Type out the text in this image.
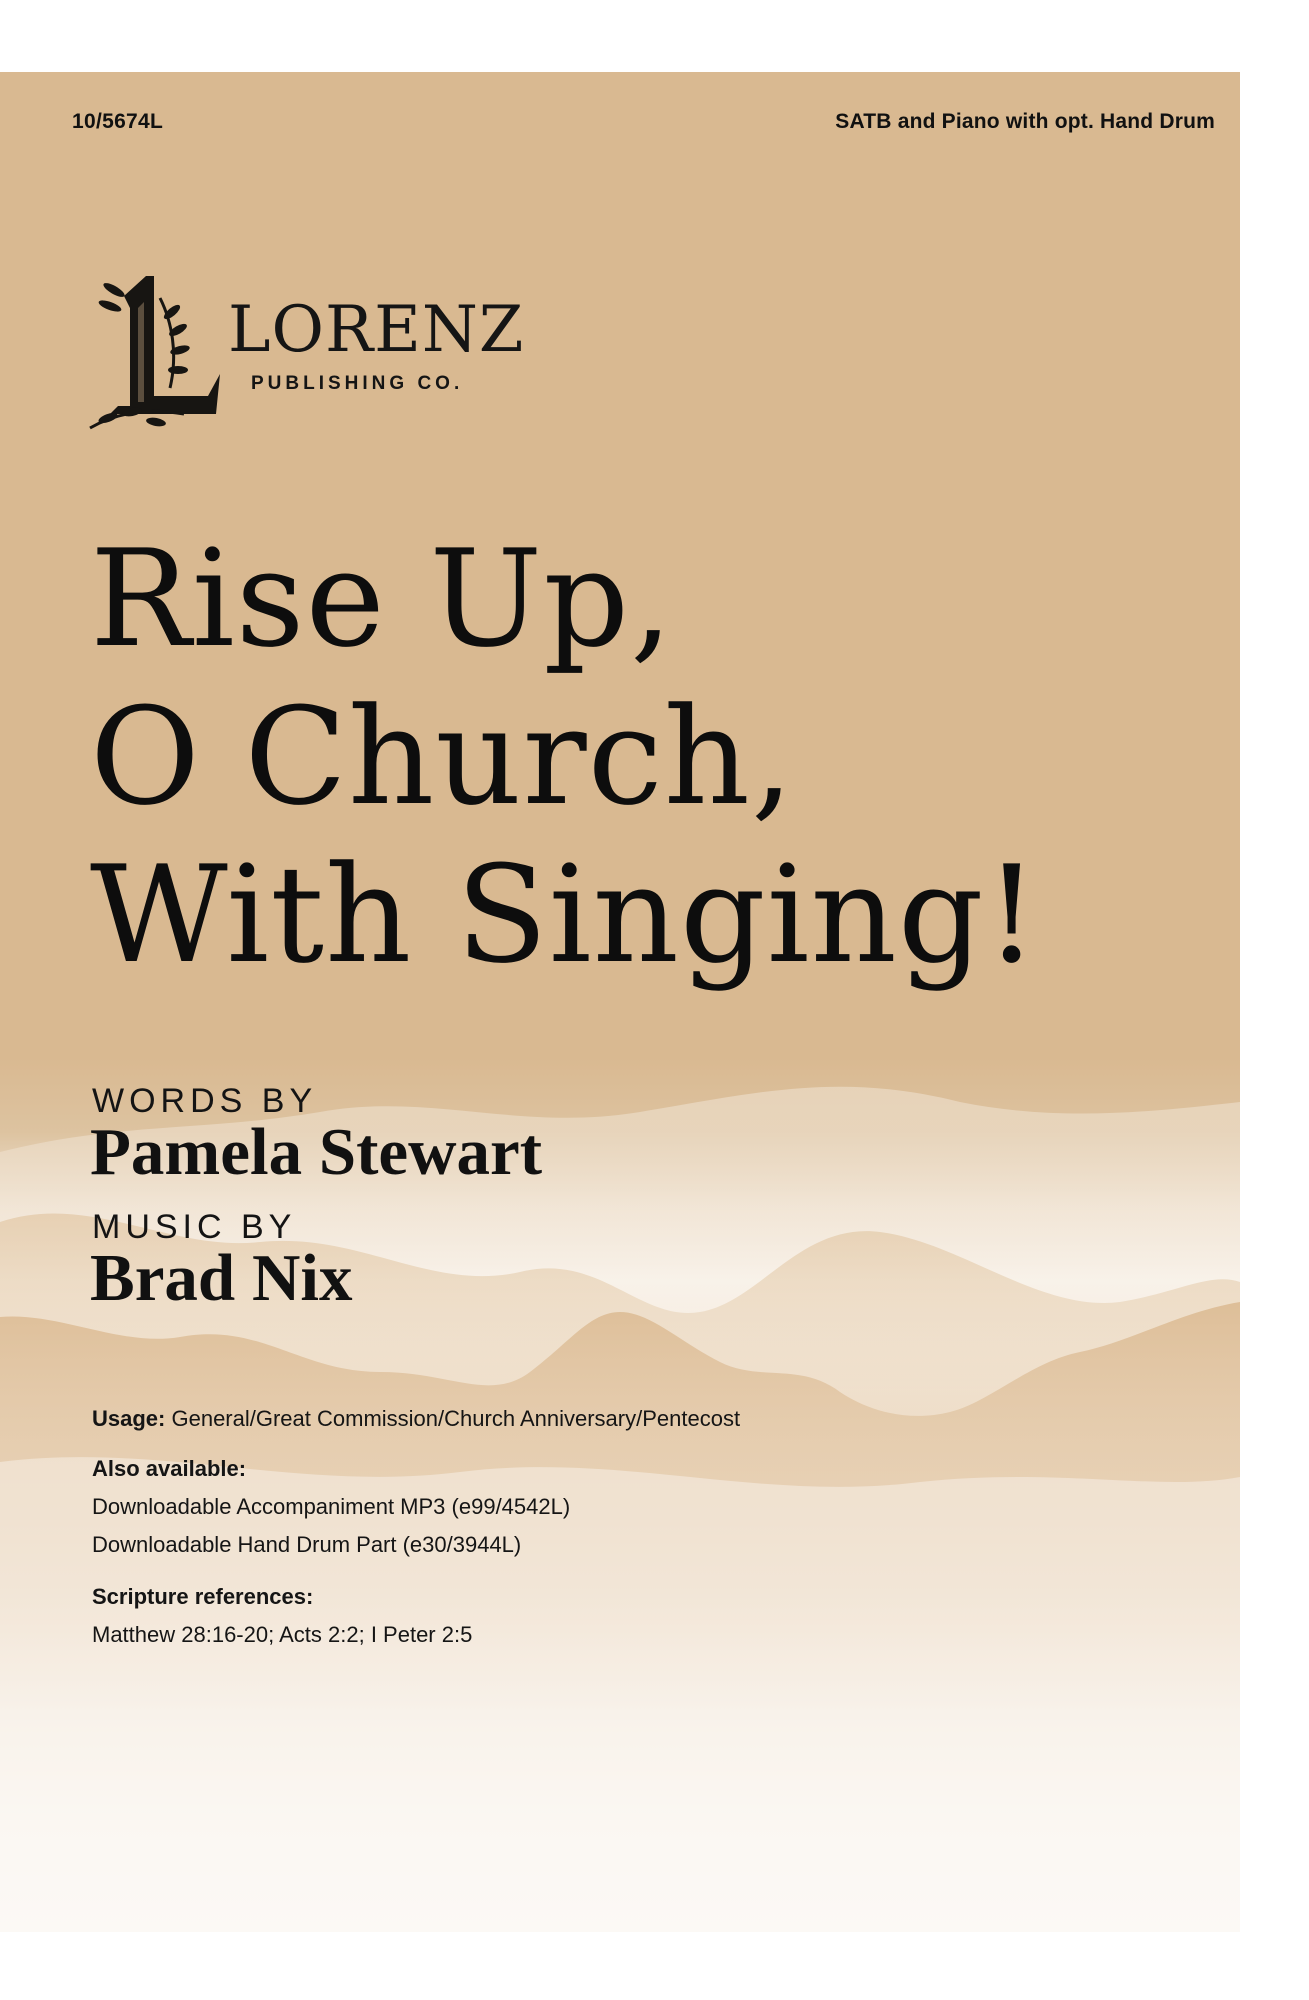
10/5674L	SATB and Piano with opt. Hand Drum
LORENZ
PUBLISHING CO.
Rise Up,
O Church,
With Singing!
WORDS BY
Pamela Stewart
MUSIC BY
Brad Nix
Usage: General/Great Commission/Church Anniversary/Pentecost
Also available:
Downloadable Accompaniment MP3 (e99/4542L)
Downloadable Hand Drum Part (e30/3944L)
Scripture references:
Matthew 28:16-20; Acts 2:2; I Peter 2:5
